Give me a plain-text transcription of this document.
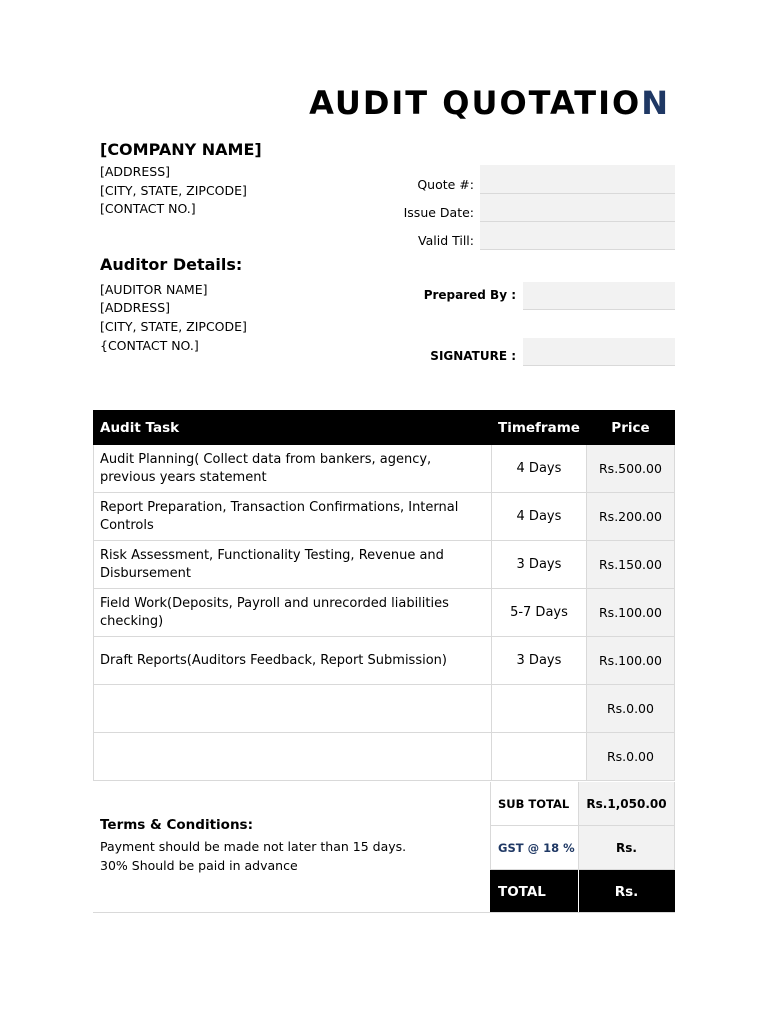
AUDIT QUOTATION
[COMPANY NAME]
[ADDRESS]
[CITY, STATE, ZIPCODE]
[CONTACT NO.]
Quote #:
Issue Date:
Valid Till:
Auditor Details:
[AUDITOR NAME]
[ADDRESS]
[CITY, STATE, ZIPCODE]
{CONTACT NO.]
Prepared By :
SIGNATURE :
Audit Task	Timeframe	Price
Audit Planning( Collect data from bankers, agency, previous years statement	4 Days	Rs.500.00
Report Preparation, Transaction Confirmations, Internal Controls	4 Days	Rs.200.00
Risk Assessment, Functionality Testing, Revenue and Disbursement	3 Days	Rs.150.00
Field Work(Deposits, Payroll and unrecorded liabilities checking)	5-7 Days	Rs.100.00
Draft Reports(Auditors Feedback, Report Submission)	3 Days	Rs.100.00
		Rs.0.00
		Rs.0.00
SUB TOTAL	Rs.1,050.00
GST @ 18 %	Rs.
TOTAL	Rs.
Terms & Conditions:
Payment should be made not later than 15 days.
30% Should be paid in advance
